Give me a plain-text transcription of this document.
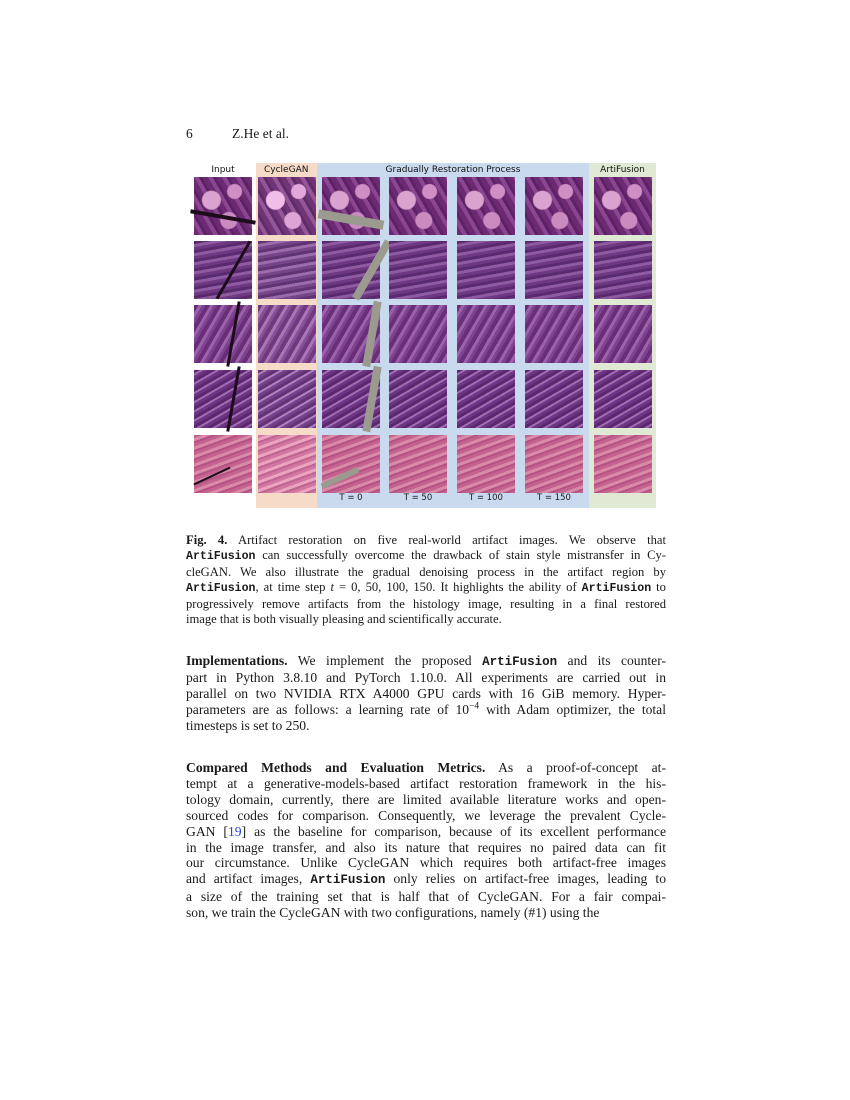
6	Z.He et al.
Input	CycleGAN	Gradually Restoration Process	ArtiFusion
T = 0	T = 50	T = 100	T = 150
Fig. 4. Artifact restoration on five real-world artifact images. We observe that
ArtiFusion can successfully overcome the drawback of stain style mistransfer in Cy-
cleGAN. We also illustrate the gradual denoising process in the artifact region by
ArtiFusion, at time step t = 0, 50, 100, 150. It highlights the ability of ArtiFusion to
progressively remove artifacts from the histology image, resulting in a final restored
image that is both visually pleasing and scientifically accurate.
Implementations. We implement the proposed ArtiFusion and its counter-
part in Python 3.8.10 and PyTorch 1.10.0. All experiments are carried out in
parallel on two NVIDIA RTX A4000 GPU cards with 16 GiB memory. Hyper-
parameters are as follows: a learning rate of $10^{-4}$ with Adam optimizer, the total
timesteps is set to 250.
Compared Methods and Evaluation Metrics. As a proof-of-concept at-
tempt at a generative-models-based artifact restoration framework in the his-
tology domain, currently, there are limited available literature works and open-
sourced codes for comparison. Consequently, we leverage the prevalent Cycle-
GAN [19] as the baseline for comparison, because of its excellent performance
in the image transfer, and also its nature that requires no paired data can fit
our circumstance. Unlike CycleGAN which requires both artifact-free images
and artifact images, ArtiFusion only relies on artifact-free images, leading to
a size of the training set that is half that of CycleGAN. For a fair compai-
son, we train the CycleGAN with two configurations, namely (#1) using the
